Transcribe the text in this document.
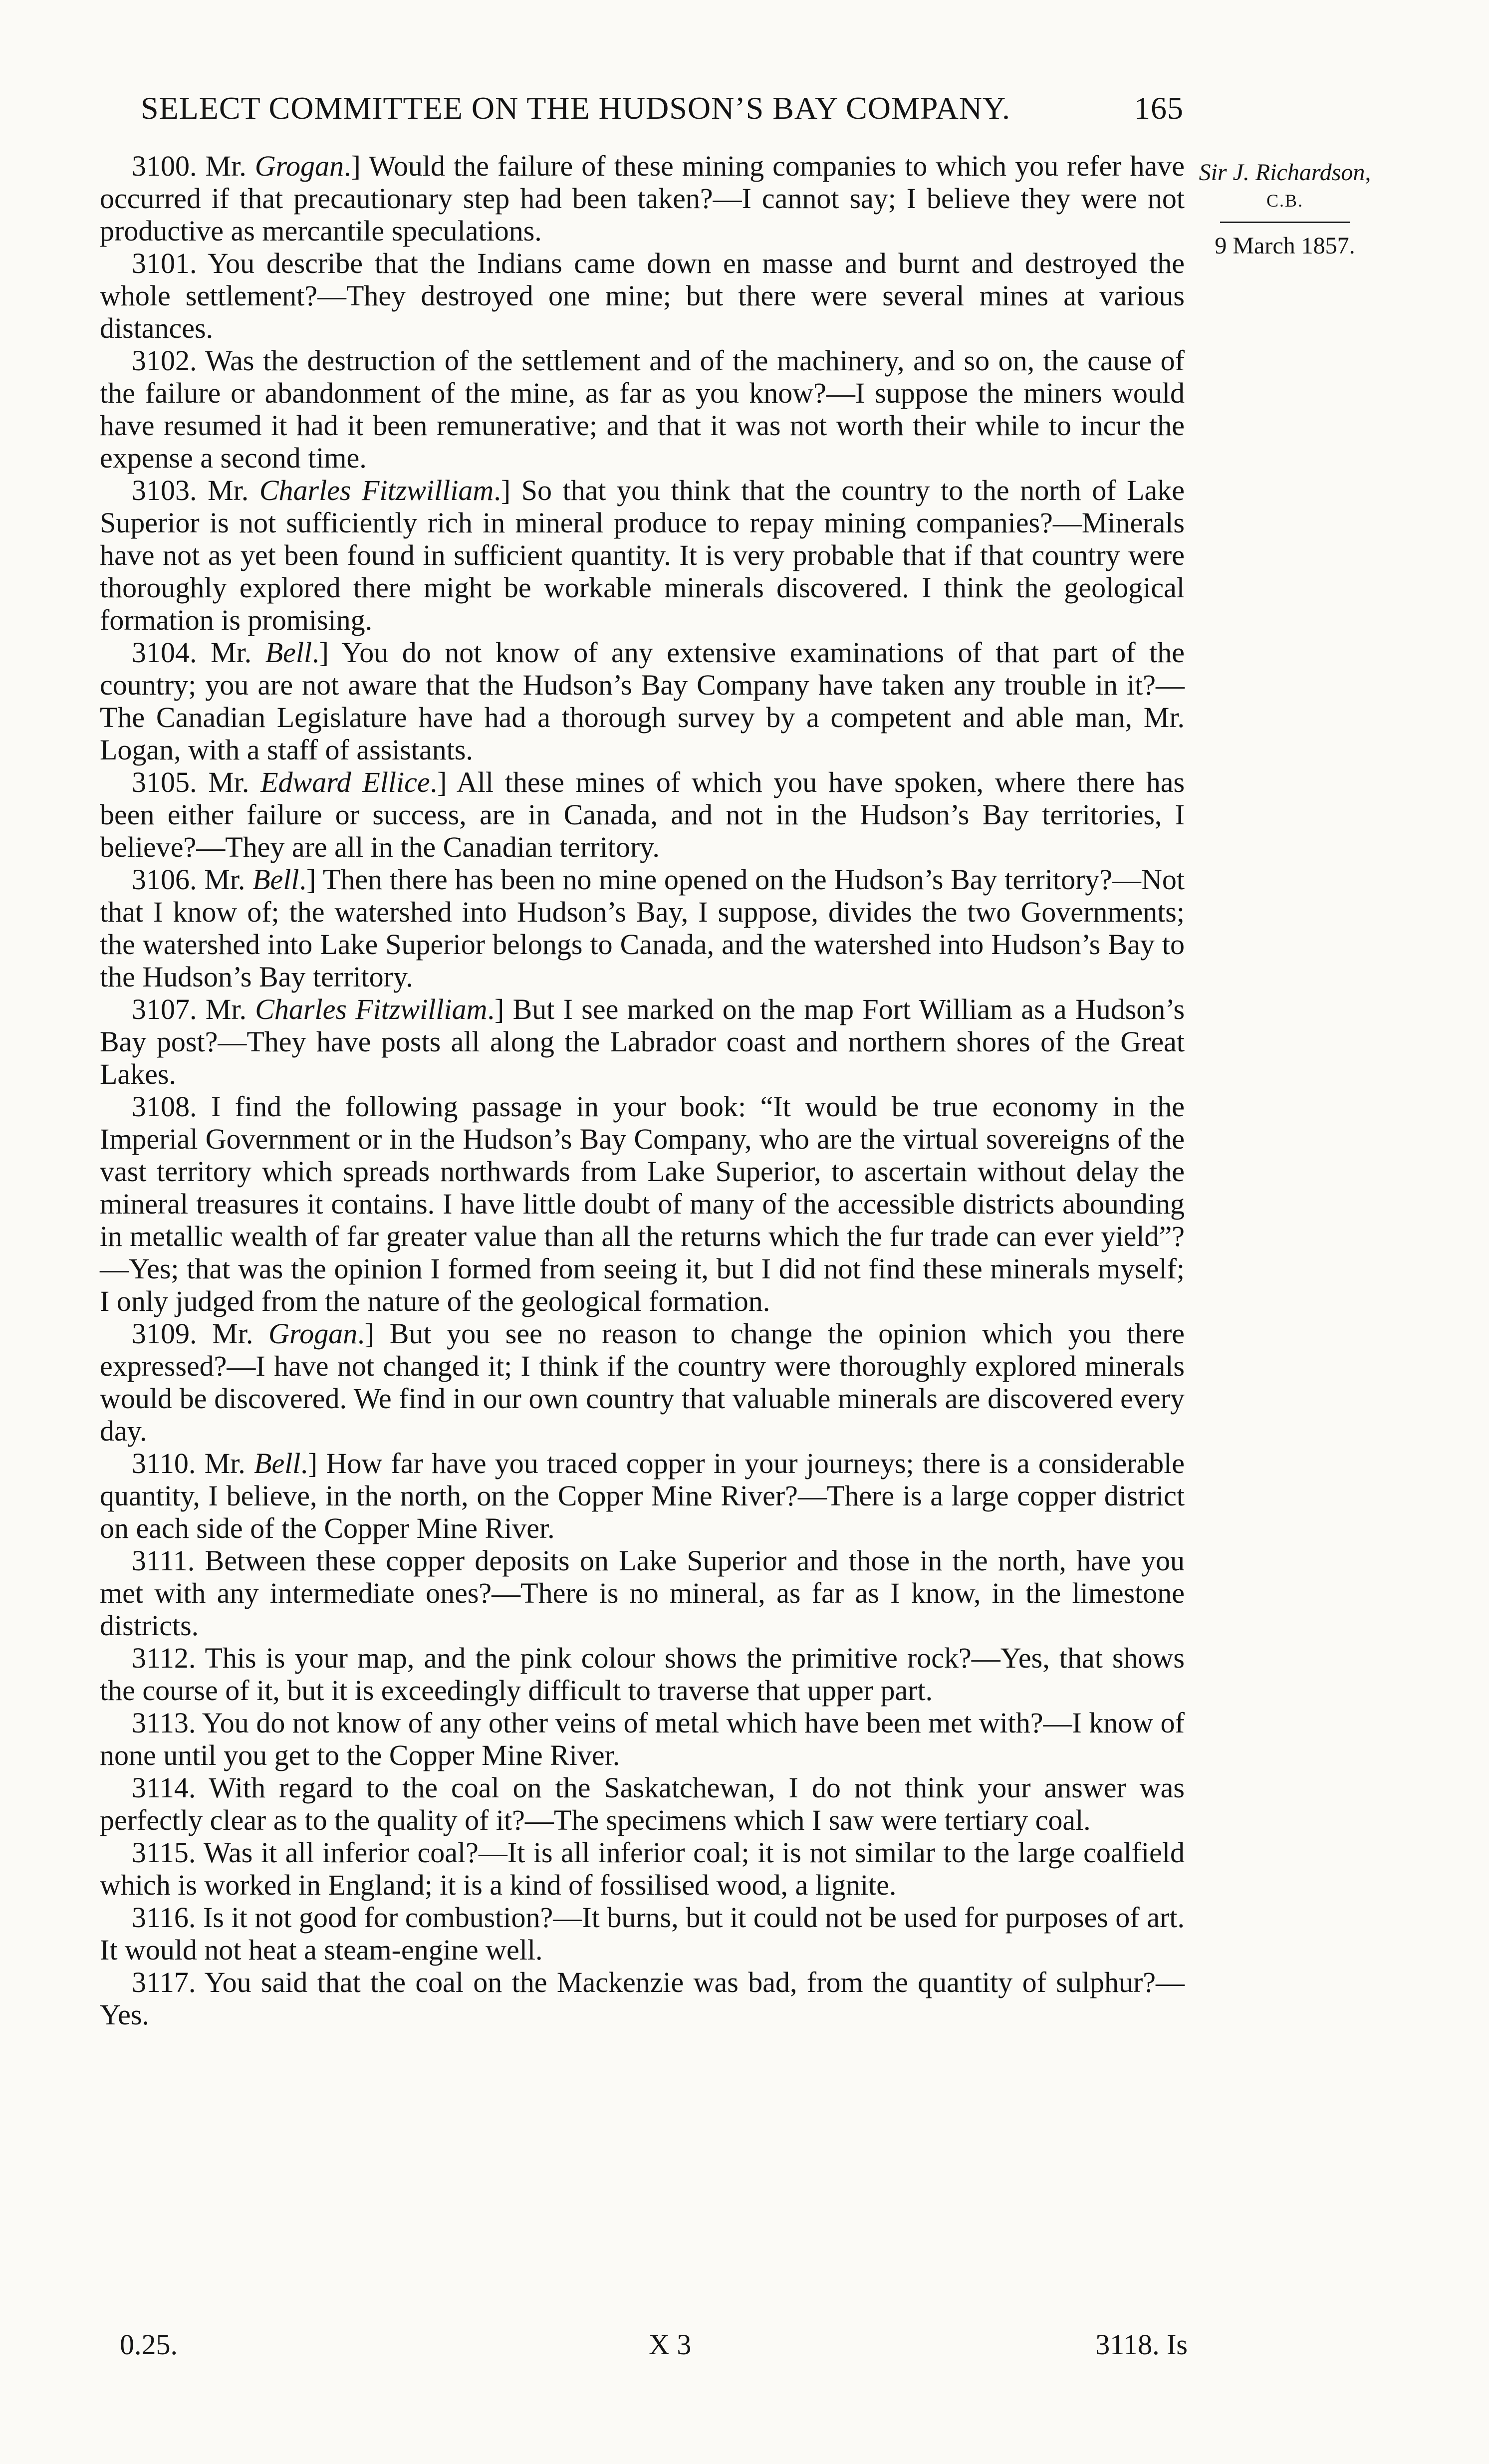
SELECT COMMITTEE ON THE HUDSON’S BAY COMPANY.	165
Sir J. Richardson,
C.B.
9 March 1857.

3100. Mr. Grogan.] Would the failure of these mining companies to which you refer have occurred if that precautionary step had been taken?—I cannot say; I believe they were not productive as mercantile speculations.

3101. You describe that the Indians came down en masse and burnt and destroyed the whole settlement?—They destroyed one mine; but there were several mines at various distances.

3102. Was the destruction of the settlement and of the machinery, and so on, the cause of the failure or abandonment of the mine, as far as you know?—I suppose the miners would have resumed it had it been remunerative; and that it was not worth their while to incur the expense a second time.

3103. Mr. Charles Fitzwilliam.] So that you think that the country to the north of Lake Superior is not sufficiently rich in mineral produce to repay mining companies?—Minerals have not as yet been found in sufficient quantity. It is very probable that if that country were thoroughly explored there might be workable minerals discovered. I think the geological formation is promising.

3104. Mr. Bell.] You do not know of any extensive examinations of that part of the country; you are not aware that the Hudson’s Bay Company have taken any trouble in it?—The Canadian Legislature have had a thorough survey by a competent and able man, Mr. Logan, with a staff of assistants.

3105. Mr. Edward Ellice.] All these mines of which you have spoken, where there has been either failure or success, are in Canada, and not in the Hudson’s Bay territories, I believe?—They are all in the Canadian territory.

3106. Mr. Bell.] Then there has been no mine opened on the Hudson’s Bay territory?—Not that I know of; the watershed into Hudson’s Bay, I suppose, divides the two Governments; the watershed into Lake Superior belongs to Canada, and the watershed into Hudson’s Bay to the Hudson’s Bay territory.

3107. Mr. Charles Fitzwilliam.] But I see marked on the map Fort William as a Hudson’s Bay post?—They have posts all along the Labrador coast and northern shores of the Great Lakes.

3108. I find the following passage in your book: “It would be true economy in the Imperial Government or in the Hudson’s Bay Company, who are the virtual sovereigns of the vast territory which spreads northwards from Lake Superior, to ascertain without delay the mineral treasures it contains. I have little doubt of many of the accessible districts abounding in metallic wealth of far greater value than all the returns which the fur trade can ever yield”?—Yes; that was the opinion I formed from seeing it, but I did not find these minerals myself; I only judged from the nature of the geological formation.

3109. Mr. Grogan.] But you see no reason to change the opinion which you there expressed?—I have not changed it; I think if the country were thoroughly explored minerals would be discovered. We find in our own country that valuable minerals are discovered every day.

3110. Mr. Bell.] How far have you traced copper in your journeys; there is a considerable quantity, I believe, in the north, on the Copper Mine River?—There is a large copper district on each side of the Copper Mine River.

3111. Between these copper deposits on Lake Superior and those in the north, have you met with any intermediate ones?—There is no mineral, as far as I know, in the limestone districts.

3112. This is your map, and the pink colour shows the primitive rock?—Yes, that shows the course of it, but it is exceedingly difficult to traverse that upper part.

3113. You do not know of any other veins of metal which have been met with?—I know of none until you get to the Copper Mine River.

3114. With regard to the coal on the Saskatchewan, I do not think your answer was perfectly clear as to the quality of it?—The specimens which I saw were tertiary coal.

3115. Was it all inferior coal?—It is all inferior coal; it is not similar to the large coalfield which is worked in England; it is a kind of fossilised wood, a lignite.

3116. Is it not good for combustion?—It burns, but it could not be used for purposes of art. It would not heat a steam-engine well.

3117. You said that the coal on the Mackenzie was bad, from the quantity of sulphur?—Yes.

0.25.	X 3	3118. Is
